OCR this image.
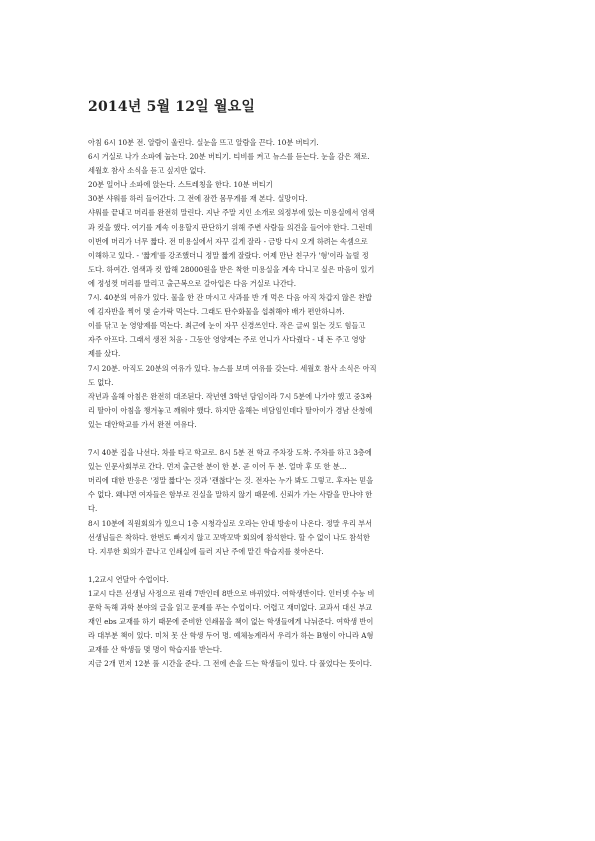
2014년 5월 12일 월요일
아침 6시 10분 전. 알람이 울린다. 실눈을 뜨고 알람을 끈다. 10분 버티기.
6시 거실로 나가 소파에 눕는다. 20분 버티기. 티비를 켜고 뉴스를 듣는다. 눈을 감은 채로.
세월호 참사 소식을 듣고 싶지만 없다.
20분 일어나 소파에 앉는다. 스트레칭을 한다. 10분 버티기
30분 샤워를 하러 들어간다. 그 전에 잠깐 몸무게를 재 본다. 실망이다.
샤워를 끝내고 머리를 완전히 말린다. 지난 주말 지인 소개로 의정부에 있는 미용실에서 염색
과 컷을 했다. 여기를 계속 이용할지 판단하기 위해 주변 사람들 의견을 들어야 한다. 그런데
이번에 머리가 너무 짧다. 전 미용실에서 자꾸 길게 잘라 - 금방 다시 오게 하려는 속셈으로
이해하고 있다. - '짧게'를 강조했더니 정말 짧게 잘랐다. 어제 만난 친구가 '형'이라 놀릴 정
도다. 하여간. 염색과 컷 합해 28000원을 받은 착한 미용실을 계속 다니고 싶은 마음이 있기
에 정성껏 머리를 말리고 출근복으로 갈아입은 다음 거실로 나간다.
7시. 40분의 여유가 있다. 물을 한 잔 마시고 사과를 반 개 먹은 다음 아직 차갑지 않은 찬밥
에 김자반을 찍어 몇 숟가락 먹는다. 그래도 탄수화물을 섭취해야 배가 편안하니까.
이를 닦고 눈 영양제를 먹는다. 최근에 눈이 자꾸 신경쓰인다. 작은 글씨 읽는 것도 힘들고
자주 아프다. 그래서 생전 처음 - 그동안 영양제는 주로 언니가 사다줬다 - 내 돈 주고 영양
제를 샀다.
7시 20분. 아직도 20분의 여유가 있다. 뉴스를 보며 여유를 갖는다. 세월호 참사 소식은 아직
도 없다.
작년과 올해 아침은 완전히 대조된다. 작년엔 3학년 담임이라 7시 5분에 나가야 했고 중3짜
리 딸아이 아침을 챙겨놓고 깨워야 했다. 하지만 올해는 비담임인데다 딸아이가 경남 산청에
있는 대안학교를 가서 완전 여유다.
7시 40분 집을 나선다. 차를 타고 학교로. 8시 5분 전 학교 주차장 도착. 주차를 하고 3층에
있는 인문사회부로 간다. 먼저 출근한 분이 한 분. 곧 이어 두 분. 얼마 후 또 한 분...
머리에 대한 반응은 '정말 짧다'는 것과 '괜찮다'는 것. 전자는 누가 봐도 그렇고. 후자는 믿을
수 없다. 왜냐면 여자들은 함부로 진실을 말하지 않기 때문에. 신뢰가 가는 사람을 만나야 한
다.
8시 10분에 직원회의가 있으니 1층 시청각실로 오라는 안내 방송이 나온다. 정말 우리 부서
선생님들은 착하다. 한번도 빠지지 않고 꼬박꼬박 회의에 참석한다. 할 수 없이 나도 참석한
다. 지루한 회의가 끝나고 인쇄실에 들러 지난 주에 맡긴 학습지를 찾아온다.
1,2교시 연달아 수업이다.
1교시 다른 선생님 사정으로 원래 7반인데 8반으로 바뀌었다. 여학생반이다. 인터넷 수능 비
문학 독해 과학 분야의 글을 읽고 문제를 푸는 수업이다. 어렵고 재미없다. 교과서 대신 부교
재인 ebs 교재를 하기 때문에 준비한 인쇄물을 책이 없는 학생들에게 나눠준다. 여학생 반이
라 대부분 책이 있다. 미처 못 산 학생 두어 명. 예체능계라서 우리가 하는 B형이 아니라 A형
교재를 산 학생들 몇 명이 학습지를 받는다.
지금 2개 먼저 12분 풀 시간을 준다. 그 전에 손을 드는 학생들이 있다. 다 풀었다는 뜻이다.
